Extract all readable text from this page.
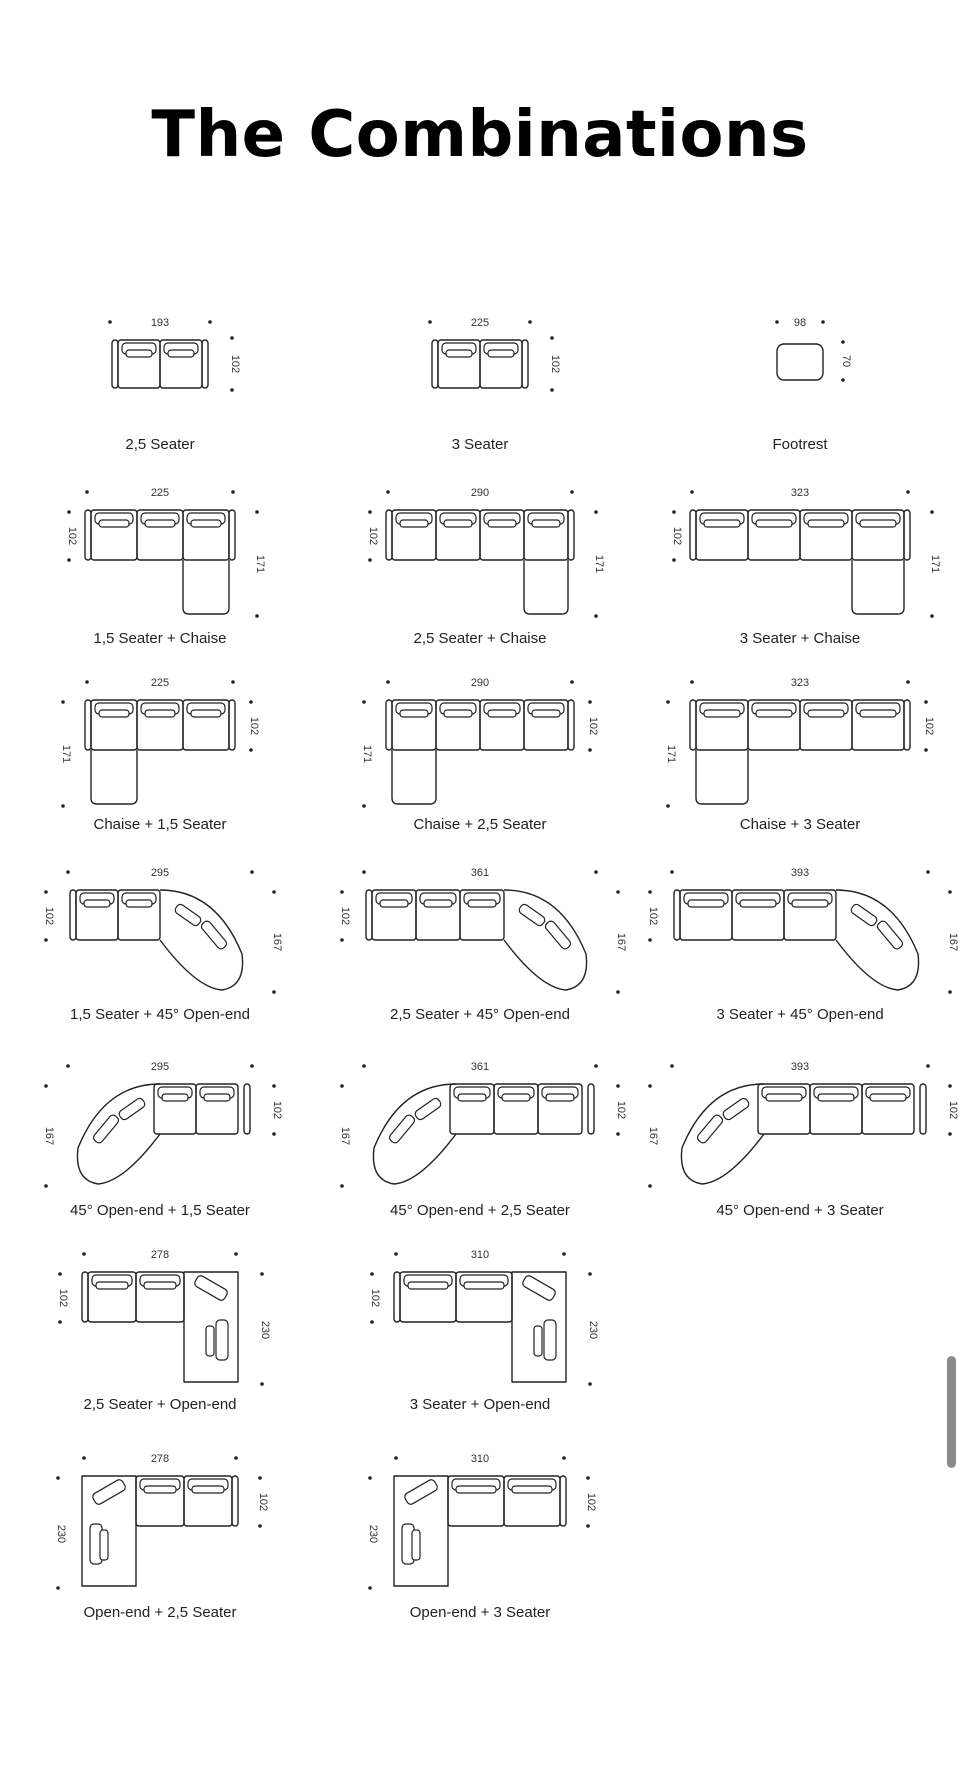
The Combinations
193
102
2,5 Seater
225
102
3 Seater
98
70
Footrest
225
102
171
1,5 Seater + Chaise
290
102
171
2,5 Seater + Chaise
323
102
171
3 Seater + Chaise
225
102
171
Chaise + 1,5 Seater
290
102
171
Chaise + 2,5 Seater
323
102
171
Chaise + 3 Seater
295
102
167
1,5 Seater + 45° Open-end
361
102
167
2,5 Seater + 45° Open-end
393
102
167
3 Seater + 45° Open-end
295
102
167
45° Open-end + 1,5 Seater
361
102
167
45° Open-end + 2,5 Seater
393
102
167
45° Open-end + 3 Seater
278
102
230
2,5 Seater + Open-end
310
102
230
3 Seater + Open-end
278
102
230
Open-end + 2,5 Seater
310
102
230
Open-end + 3 Seater
